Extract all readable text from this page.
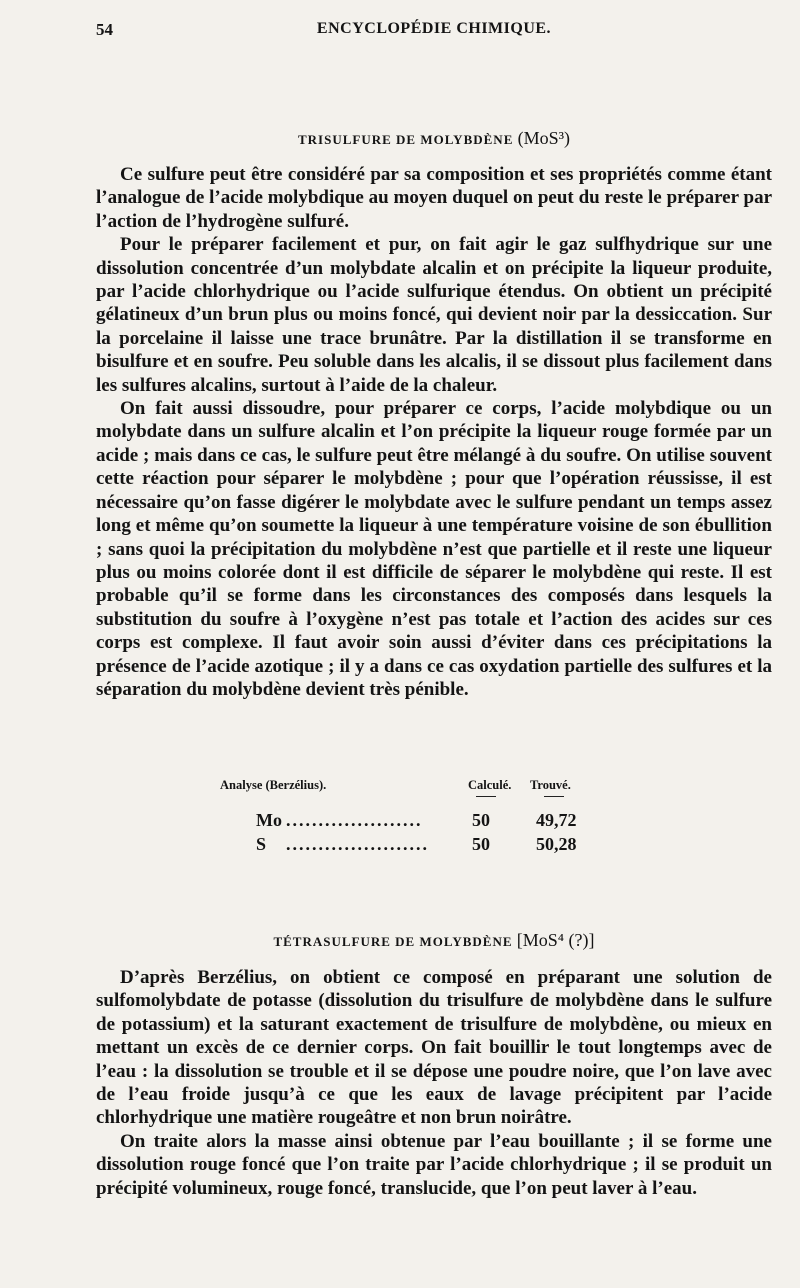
54	ENCYCLOPÉDIE CHIMIQUE.
TRISULFURE DE MOLYBDÈNE (MoS³)

Ce sulfure peut être considéré par sa composition et ses propriétés comme étant l’analogue de l’acide molybdique au moyen duquel on peut du reste le préparer par l’action de l’hydrogène sulfuré.

Pour le préparer facilement et pur, on fait agir le gaz sulfhydrique sur une dissolution concentrée d’un molybdate alcalin et on précipite la liqueur produite, par l’acide chlorhydrique ou l’acide sulfurique étendus. On obtient un précipité gélatineux d’un brun plus ou moins foncé, qui devient noir par la dessiccation. Sur la porcelaine il laisse une trace brunâtre. Par la distillation il se transforme en bisulfure et en soufre. Peu soluble dans les alcalis, il se dissout plus facilement dans les sulfures alcalins, surtout à l’aide de la chaleur.

On fait aussi dissoudre, pour préparer ce corps, l’acide molybdique ou un molybdate dans un sulfure alcalin et l’on précipite la liqueur rouge formée par un acide ; mais dans ce cas, le sulfure peut être mélangé à du soufre. On utilise souvent cette réaction pour séparer le molybdène ; pour que l’opération réussisse, il est nécessaire qu’on fasse digérer le molybdate avec le sulfure pendant un temps assez long et même qu’on soumette la liqueur à une température voisine de son ébullition ; sans quoi la précipitation du molybdène n’est que partielle et il reste une liqueur plus ou moins colorée dont il est difficile de séparer le molybdène qui reste. Il est probable qu’il se forme dans les circonstances des composés dans lesquels la substitution du soufre à l’oxygène n’est pas totale et l’action des acides sur ces corps est complexe. Il faut avoir soin aussi d’éviter dans ces précipitations la présence de l’acide azotique ; il y a dans ce cas oxydation partielle des sulfures et la séparation du molybdène devient très pénible.

Analyse (Berzélius).	Calculé. Trouvé.
Mo .....................	50	49,72
S ...................... 50	50,28
TÉTRASULFURE DE MOLYBDÈNE [MoS⁴ (?)]

D’après Berzélius, on obtient ce composé en préparant une solution de sulfomolybdate de potasse (dissolution du trisulfure de molybdène dans le sulfure de potassium) et la saturant exactement de trisulfure de molybdène, ou mieux en mettant un excès de ce dernier corps. On fait bouillir le tout longtemps avec de l’eau : la dissolution se trouble et il se dépose une poudre noire, que l’on lave avec de l’eau froide jusqu’à ce que les eaux de lavage précipitent par l’acide chlorhydrique une matière rougeâtre et non brun noirâtre.

On traite alors la masse ainsi obtenue par l’eau bouillante ; il se forme une dissolution rouge foncé que l’on traite par l’acide chlorhydrique ; il se produit un précipité volumineux, rouge foncé, translucide, que l’on peut laver à l’eau.
